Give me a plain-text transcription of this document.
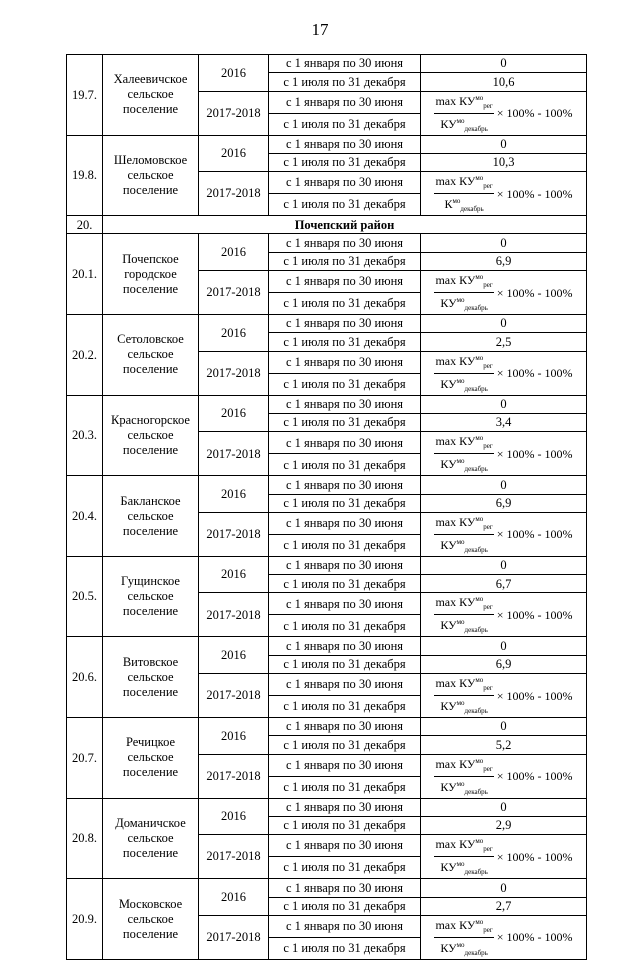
17
19.7.	Халеевичское сельское поселение	2016	с 1 января по 30 июня	0
			с 1 июля по 31 декабря	10,6
		2017-2018	с 1 января по 30 июня	$\frac{\max КУ^{мо}_{рег}}{КУ^{мо}_{декабрь}} \times 100\% - 100\%$

			с 1 июля по 31 декабря	
19.8.	Шеломовское сельское поселение	2016	с 1 января по 30 июня	0
			с 1 июля по 31 декабря	10,3
		2017-2018	с 1 января по 30 июня	$\frac{\max КУ^{мо}_{рег}}{К^{мо}_{декабрь}} \times 100\% - 100\%$

			с 1 июля по 31 декабря	
20.	Почепский район			
20.1.	Почепское городское поселение	2016	с 1 января по 30 июня	0
			с 1 июля по 31 декабря	6,9
		2017-2018	с 1 января по 30 июня	$\frac{\max КУ^{мо}_{рег}}{КУ^{мо}_{декабрь}} \times 100\% - 100\%$

			с 1 июля по 31 декабря	
20.2.	Сетоловское сельское поселение	2016	с 1 января по 30 июня	0
			с 1 июля по 31 декабря	2,5
		2017-2018	с 1 января по 30 июня	$\frac{\max КУ^{мо}_{рег}}{КУ^{мо}_{декабрь}} \times 100\% - 100\%$

			с 1 июля по 31 декабря	
20.3.	Красногорское сельское поселение	2016	с 1 января по 30 июня	0
			с 1 июля по 31 декабря	3,4
		2017-2018	с 1 января по 30 июня	$\frac{\max КУ^{мо}_{рег}}{КУ^{мо}_{декабрь}} \times 100\% - 100\%$

			с 1 июля по 31 декабря	
20.4.	Бакланское сельское поселение	2016	с 1 января по 30 июня	0
			с 1 июля по 31 декабря	6,9
		2017-2018	с 1 января по 30 июня	$\frac{\max КУ^{мо}_{рег}}{КУ^{мо}_{декабрь}} \times 100\% - 100\%$

			с 1 июля по 31 декабря	
20.5.	Гущинское сельское поселение	2016	с 1 января по 30 июня	0
			с 1 июля по 31 декабря	6,7
		2017-2018	с 1 января по 30 июня	$\frac{\max КУ^{мо}_{рег}}{КУ^{мо}_{декабрь}} \times 100\% - 100\%$

			с 1 июля по 31 декабря	
20.6.	Витовское сельское поселение	2016	с 1 января по 30 июня	0
			с 1 июля по 31 декабря	6,9
		2017-2018	с 1 января по 30 июня	$\frac{\max КУ^{мо}_{рег}}{КУ^{мо}_{декабрь}} \times 100\% - 100\%$

			с 1 июля по 31 декабря	
20.7.	Речицкое сельское поселение	2016	с 1 января по 30 июня	0
			с 1 июля по 31 декабря	5,2
		2017-2018	с 1 января по 30 июня	$\frac{\max КУ^{мо}_{рег}}{КУ^{мо}_{декабрь}} \times 100\% - 100\%$

			с 1 июля по 31 декабря	
20.8.	Доманичское сельское поселение	2016	с 1 января по 30 июня	0
			с 1 июля по 31 декабря	2,9
		2017-2018	с 1 января по 30 июня	$\frac{\max КУ^{мо}_{рег}}{КУ^{мо}_{декабрь}} \times 100\% - 100\%$

			с 1 июля по 31 декабря	
20.9.	Московское сельское поселение	2016	с 1 января по 30 июня	0
			с 1 июля по 31 декабря	2,7
		2017-2018	с 1 января по 30 июня	$\frac{\max КУ^{мо}_{рег}}{КУ^{мо}_{декабрь}} \times 100\% - 100\%$

			с 1 июля по 31 декабря	
